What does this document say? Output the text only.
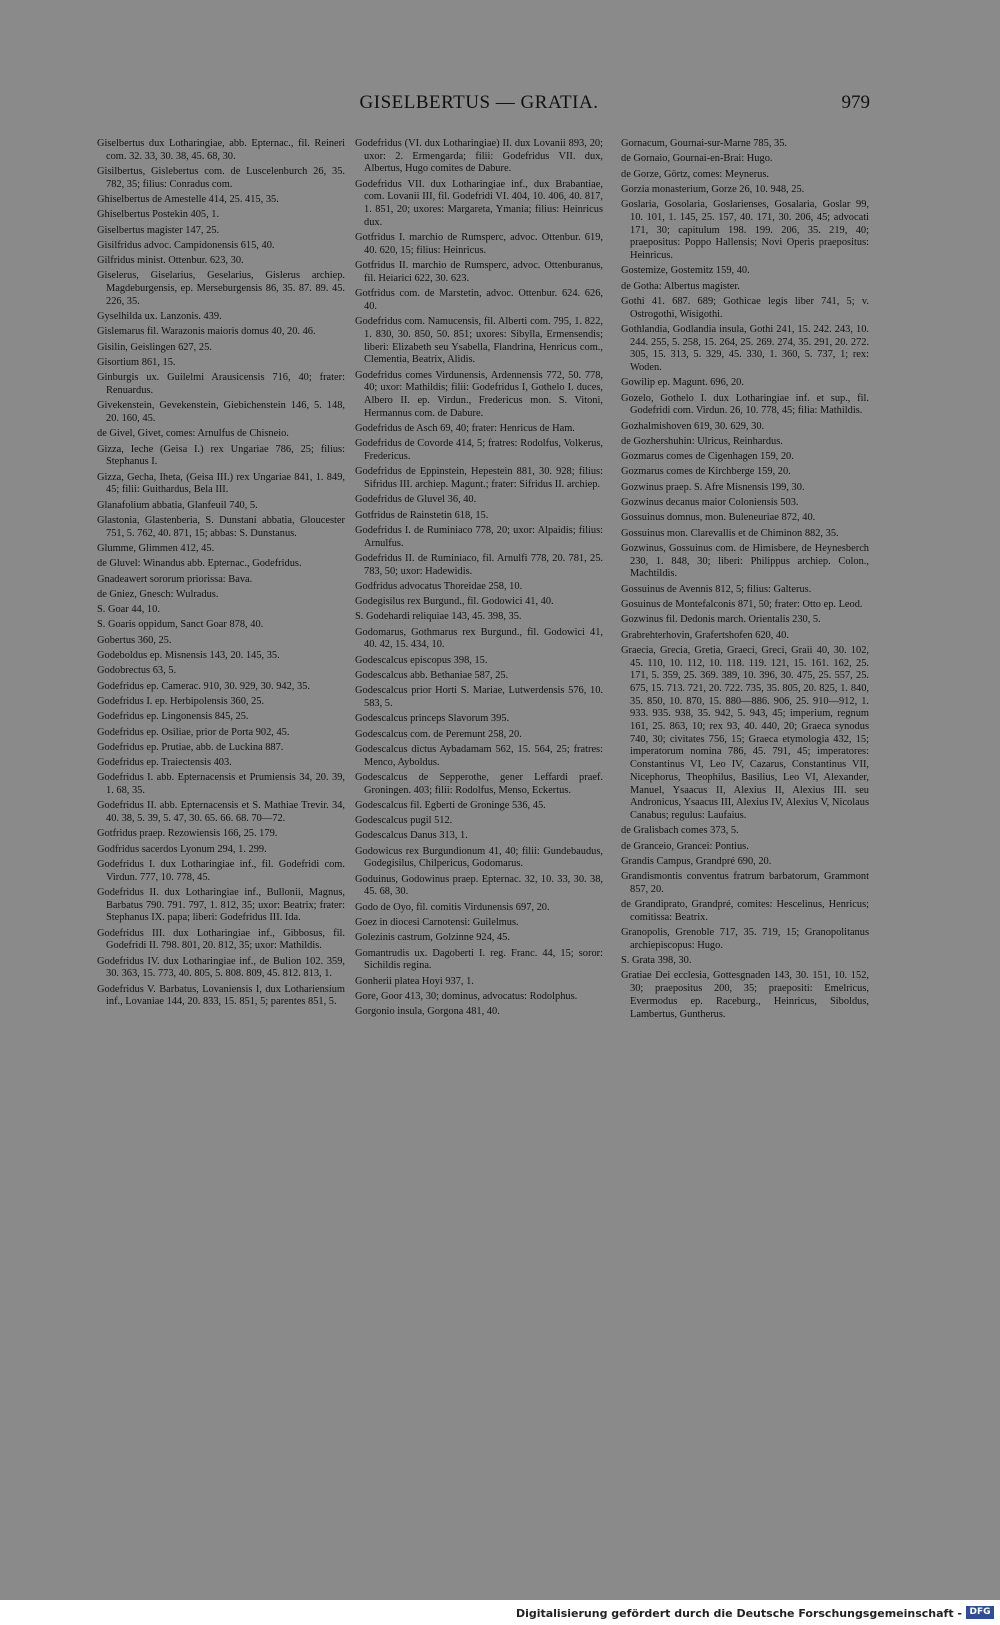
GISELBERTUS — GRATIA.	979
Giselbertus dux Lotharingiae, abb. Epternac., fil. Reineri com. 32. 33, 30. 38, 45. 68, 30.
Gisilbertus, Gislebertus com. de Luscelenburch 26, 35. 782, 35; filius: Conradus com.
Ghiselbertus de Amestelle 414, 25. 415, 35.
Ghiselbertus Postekin 405, 1.
Giselbertus magister 147, 25.
Gisilfridus advoc. Campidonensis 615, 40.
Gilfridus minist. Ottenbur. 623, 30.
Giselerus, Giselarius, Geselarius, Gislerus archiep. Magdeburgensis, ep. Merseburgensis 86, 35. 87. 89. 45. 226, 35.
Gyselhilda ux. Lanzonis. 439.
Gislemarus fil. Warazonis maioris domus 40, 20. 46.
Gisilin, Geislingen 627, 25.
Gisortium 861, 15.
Ginburgis ux. Guilelmi Arausicensis 716, 40; frater: Renuardus.
Givekenstein, Gevekenstein, Giebichenstein 146, 5. 148, 20. 160, 45.
de Givel, Givet, comes: Arnulfus de Chisneio.
Gizza, Ieche (Geisa I.) rex Ungariae 786, 25; filius: Stephanus I.
Gizza, Gecha, Iheta, (Geisa III.) rex Ungariae 841, 1. 849, 45; filii: Guithardus, Bela III.
Glanafolium abbatia, Glanfeuil 740, 5.
Glastonia, Glastenberia, S. Dunstani abbatia, Gloucester 751, 5. 762, 40. 871, 15; abbas: S. Dunstanus.
Glumme, Glimmen 412, 45.
de Gluvel: Winandus abb. Epternac., Godefridus.
Gnadeawert sororum priorissa: Bava.
de Gniez, Gnesch: Wulradus.
S. Goar 44, 10.
S. Goaris oppidum, Sanct Goar 878, 40.
Gobertus 360, 25.
Godeboldus ep. Misnensis 143, 20. 145, 35.
Godobrectus 63, 5.
Godefridus ep. Camerac. 910, 30. 929, 30. 942, 35.
Godefridus I. ep. Herbipolensis 360, 25.
Godefridus ep. Lingonensis 845, 25.
Godefridus ep. Osiliae, prior de Porta 902, 45.
Godefridus ep. Prutiae, abb. de Luckina 887.
Godefridus ep. Traiectensis 403.
Godefridus I. abb. Epternacensis et Prumiensis 34, 20. 39, 1. 68, 35.
Godefridus II. abb. Epternacensis et S. Mathiae Trevir. 34, 40. 38, 5. 39, 5. 47, 30. 65. 66. 68. 70—72.
Gotfridus praep. Rezowiensis 166, 25. 179.
Godfridus sacerdos Lyonum 294, 1. 299.
Godefridus I. dux Lotharingiae inf., fil. Godefridi com. Virdun. 777, 10. 778, 45.
Godefridus II. dux Lotharingiae inf., Bullonii, Magnus, Barbatus 790. 791. 797, 1. 812, 35; uxor: Beatrix; frater: Stephanus IX. papa; liberi: Godefridus III. Ida.
Godefridus III. dux Lotharingiae inf., Gibbosus, fil. Godefridi II. 798. 801, 20. 812, 35; uxor: Mathildis.
Godefridus IV. dux Lotharingiae inf., de Bulion 102. 359, 30. 363, 15. 773, 40. 805, 5. 808. 809, 45. 812. 813, 1.
Godefridus V. Barbatus, Lovaniensis I, dux Lothariensium inf., Lovaniae 144, 20. 833, 15. 851, 5; parentes 851, 5.
Godefridus (VI. dux Lotharingiae) II. dux Lovanii 893, 20; uxor: 2. Ermengarda; filii: Godefridus VII. dux, Albertus, Hugo comites de Dabure.
Godefridus VII. dux Lotharingiae inf., dux Brabantiae, com. Lovanii III, fil. Godefridi VI. 404, 10. 406, 40. 817, 1. 851, 20; uxores: Margareta, Ymania; filius: Heinricus dux.
Gotfridus I. marchio de Rumsperc, advoc. Ottenbur. 619, 40. 620, 15; filius: Heinricus.
Gotfridus II. marchio de Rumsperc, advoc. Ottenburanus, fil. Heiarici 622, 30. 623.
Gotfridus com. de Marstetin, advoc. Ottenbur. 624. 626, 40.
Godefridus com. Namucensis, fil. Alberti com. 795, 1. 822, 1. 830, 30. 850, 50. 851; uxores: Sibylla, Ermensendis; liberi: Elizabeth seu Ysabella, Flandrina, Henricus com., Clementia, Beatrix, Alidis.
Godefridus comes Virdunensis, Ardennensis 772, 50. 778, 40; uxor: Mathildis; filii: Godefridus I, Gothelo I. duces, Albero II. ep. Virdun., Fredericus mon. S. Vitoni, Hermannus com. de Dabure.
Godefridus de Asch 69, 40; frater: Henricus de Ham.
Godefridus de Covorde 414, 5; fratres: Rodolfus, Volkerus, Fredericus.
Godefridus de Eppinstein, Hepestein 881, 30. 928; filius: Sifridus III. archiep. Magunt.; frater: Sifridus II. archiep.
Godefridus de Gluvel 36, 40.
Gotfridus de Rainstetin 618, 15.
Godefridus I. de Ruminiaco 778, 20; uxor: Alpaidis; filius: Arnulfus.
Godefridus II. de Ruminiaco, fil. Arnulfi 778, 20. 781, 25. 783, 50; uxor: Hadewidis.
Godfridus advocatus Thoreidae 258, 10.
Godegisilus rex Burgund., fil. Godowici 41, 40.
S. Godehardi reliquiae 143, 45. 398, 35.
Godomarus, Gothmarus rex Burgund., fil. Godowici 41, 40. 42, 15. 434, 10.
Godescalcus episcopus 398, 15.
Godescalcus abb. Bethaniae 587, 25.
Godescalcus prior Horti S. Mariae, Lutwerdensis 576, 10. 583, 5.
Godescalcus princeps Slavorum 395.
Godescalcus com. de Peremunt 258, 20.
Godescalcus dictus Aybadamam 562, 15. 564, 25; fratres: Menco, Ayboldus.
Godescalcus de Sepperothe, gener Leffardi praef. Groningen. 403; filii: Rodolfus, Menso, Eckertus.
Godescalcus fil. Egberti de Groninge 536, 45.
Godescalcus pugil 512.
Godescalcus Danus 313, 1.
Godowicus rex Burgundionum 41, 40; filii: Gundebaudus, Godegisilus, Chilpericus, Godomarus.
Goduinus, Godowinus praep. Epternac. 32, 10. 33, 30. 38, 45. 68, 30.
Godo de Oyo, fil. comitis Virdunensis 697, 20.
Goez in diocesi Carnotensi: Guilelmus.
Golezinis castrum, Golzinne 924, 45.
Gomantrudis ux. Dagoberti I. reg. Franc. 44, 15; soror: Sichildis regina.
Gonherii platea Hoyi 937, 1.
Gore, Goor 413, 30; dominus, advocatus: Rodolphus.
Gorgonio insula, Gorgona 481, 40.
Gornacum, Gournai-sur-Marne 785, 35.
de Gornaio, Gournai-en-Brai: Hugo.
de Gorze, Görtz, comes: Meynerus.
Gorzia monasterium, Gorze 26, 10. 948, 25.
Goslaria, Gosolaria, Goslarienses, Gosalaria, Goslar 99, 10. 101, 1. 145, 25. 157, 40. 171, 30. 206, 45; advocati 171, 30; capitulum 198. 199. 206, 35. 219, 40; praepositus: Poppo Hallensis; Novi Operis praepositus: Heinricus.
Gostemize, Gostemitz 159, 40.
de Gotha: Albertus magister.
Gothi 41. 687. 689; Gothicae legis liber 741, 5; v. Ostrogothi, Wisigothi.
Gothlandia, Godlandia insula, Gothi 241, 15. 242. 243, 10. 244. 255, 5. 258, 15. 264, 25. 269. 274, 35. 291, 20. 272. 305, 15. 313, 5. 329, 45. 330, 1. 360, 5. 737, 1; rex: Woden.
Gowilip ep. Magunt. 696, 20.
Gozelo, Gothelo I. dux Lotharingiae inf. et sup., fil. Godefridi com. Virdun. 26, 10. 778, 45; filia: Mathildis.
Gozhalmishoven 619, 30. 629, 30.
de Gozhershuhin: Ulricus, Reinhardus.
Gozmarus comes de Cigenhagen 159, 20.
Gozmarus comes de Kirchberge 159, 20.
Gozwinus praep. S. Afre Misnensis 199, 30.
Gozwinus decanus maior Coloniensis 503.
Gossuinus domnus, mon. Buleneuriae 872, 40.
Gossuinus mon. Clarevallis et de Chiminon 882, 35.
Gozwinus, Gossuinus com. de Himisbere, de Heynesberch 230, 1. 848, 30; liberi: Philippus archiep. Colon., Machtildis.
Gossuinus de Avennis 812, 5; filius: Galterus.
Gosuinus de Montefalconis 871, 50; frater: Otto ep. Leod.
Gozwinus fil. Dedonis march. Orientalis 230, 5.
Grabrehterhovin, Grafertshofen 620, 40.
Graecia, Grecia, Gretia, Graeci, Greci, Graii 40, 30. 102, 45. 110, 10. 112, 10. 118. 119. 121, 15. 161. 162, 25. 171, 5. 359, 25. 369. 389, 10. 396, 30. 475, 25. 557, 25. 675, 15. 713. 721, 20. 722. 735, 35. 805, 20. 825, 1. 840, 35. 850, 10. 870, 15. 880—886. 906, 25. 910—912, 1. 933. 935. 938, 35. 942, 5. 943, 45; imperium, regnum 161, 25. 863, 10; rex 93, 40. 440, 20; Graeca synodus 740, 30; civitates 756, 15; Graeca etymologia 432, 15; imperatorum nomina 786, 45. 791, 45; imperatores: Constantinus VI, Leo IV, Cazarus, Constantinus VII, Nicephorus, Theophilus, Basilius, Leo VI, Alexander, Manuel, Ysaacus II, Alexius II, Alexius III. seu Andronicus, Ysaacus III, Alexius IV, Alexius V, Nicolaus Canabus; regulus: Laufaius.
de Gralisbach comes 373, 5.
de Granceio, Grancei: Pontius.
Grandis Campus, Grandpré 690, 20.
Grandismontis conventus fratrum barbatorum, Grammont 857, 20.
de Grandiprato, Grandpré, comites: Hescelinus, Henricus; comitissa: Beatrix.
Granopolis, Grenoble 717, 35. 719, 15; Granopolitanus archiepiscopus: Hugo.
S. Grata 398, 30.
Gratiae Dei ecclesia, Gottesgnaden 143, 30. 151, 10. 152, 30; praepositus 200, 35; praepositi: Emelricus, Evermodus ep. Raceburg., Heinricus, Siboldus, Lambertus, Guntherus.
Digitalisierung gefördert durch die Deutsche Forschungsgemeinschaft - DFG
